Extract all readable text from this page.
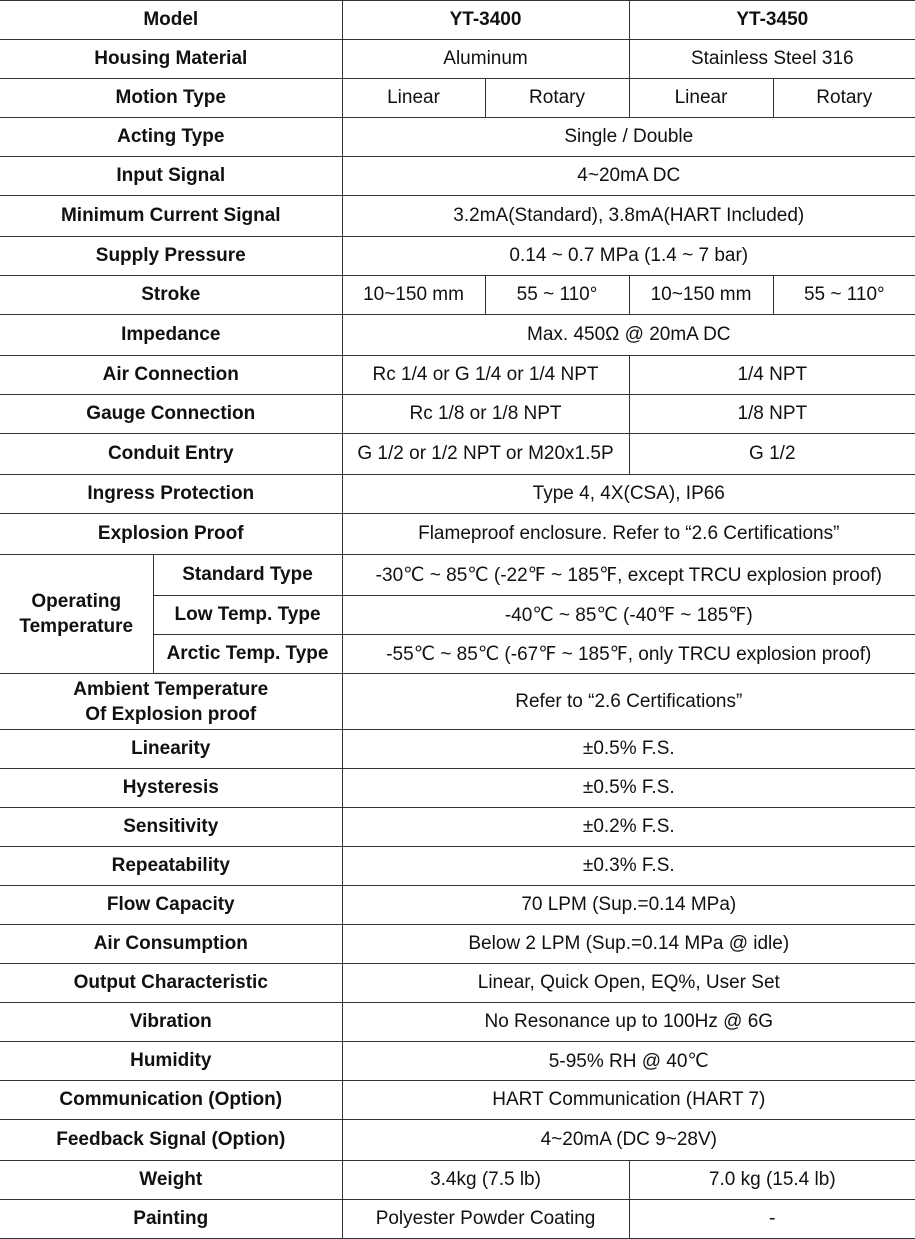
Model		YT-3400		YT-3450	
Housing Material		Aluminum		Stainless Steel 316	
Motion Type		Linear	Rotary	Linear	Rotary
Acting Type		Single / Double			
Input Signal		4~20mA DC			
Minimum Current Signal		3.2mA(Standard), 3.8mA(HART Included)			
Supply Pressure		0.14 ~ 0.7 MPa (1.4 ~ 7 bar)			
Stroke		10~150 mm	55 ~ 110°	10~150 mm	55 ~ 110°
Impedance		Max. 450Ω @ 20mA DC			
Air Connection		Rc 1/4 or G 1/4 or 1/4 NPT		1/4 NPT	
Gauge Connection		Rc 1/8 or 1/8 NPT		1/8 NPT	
Conduit Entry		G 1/2 or 1/2 NPT or M20x1.5P		G 1/2	
Ingress Protection		Type 4, 4X(CSA), IP66			
Explosion Proof		Flameproof enclosure. Refer to “2.6 Certifications”			

Operating
Temperature	Standard Type	-30℃ ~ 85℃ (-22℉ ~ 185℉, except TRCU explosion proof)			
	Low Temp. Type	-40℃ ~ 85℃ (-40℉ ~ 185℉)			
	Arctic Temp. Type	-55℃ ~ 85℃ (-67℉ ~ 185℉, only TRCU explosion proof)			

Ambient Temperature
Of Explosion proof		Refer to “2.6 Certifications”			
Linearity		±0.5% F.S.			
Hysteresis		±0.5% F.S.			
Sensitivity		±0.2% F.S.			
Repeatability		±0.3% F.S.			
Flow Capacity		70 LPM (Sup.=0.14 MPa)			
Air Consumption		Below 2 LPM (Sup.=0.14 MPa @ idle)			
Output Characteristic		Linear, Quick Open, EQ%, User Set			
Vibration		No Resonance up to 100Hz @ 6G			
Humidity		5-95% RH @ 40℃			
Communication (Option)		HART Communication (HART 7)			
Feedback Signal (Option)		4~20mA (DC 9~28V)			
Weight		3.4kg (7.5 lb)		7.0 kg (15.4 lb)	
Painting		Polyester Powder Coating		-	
